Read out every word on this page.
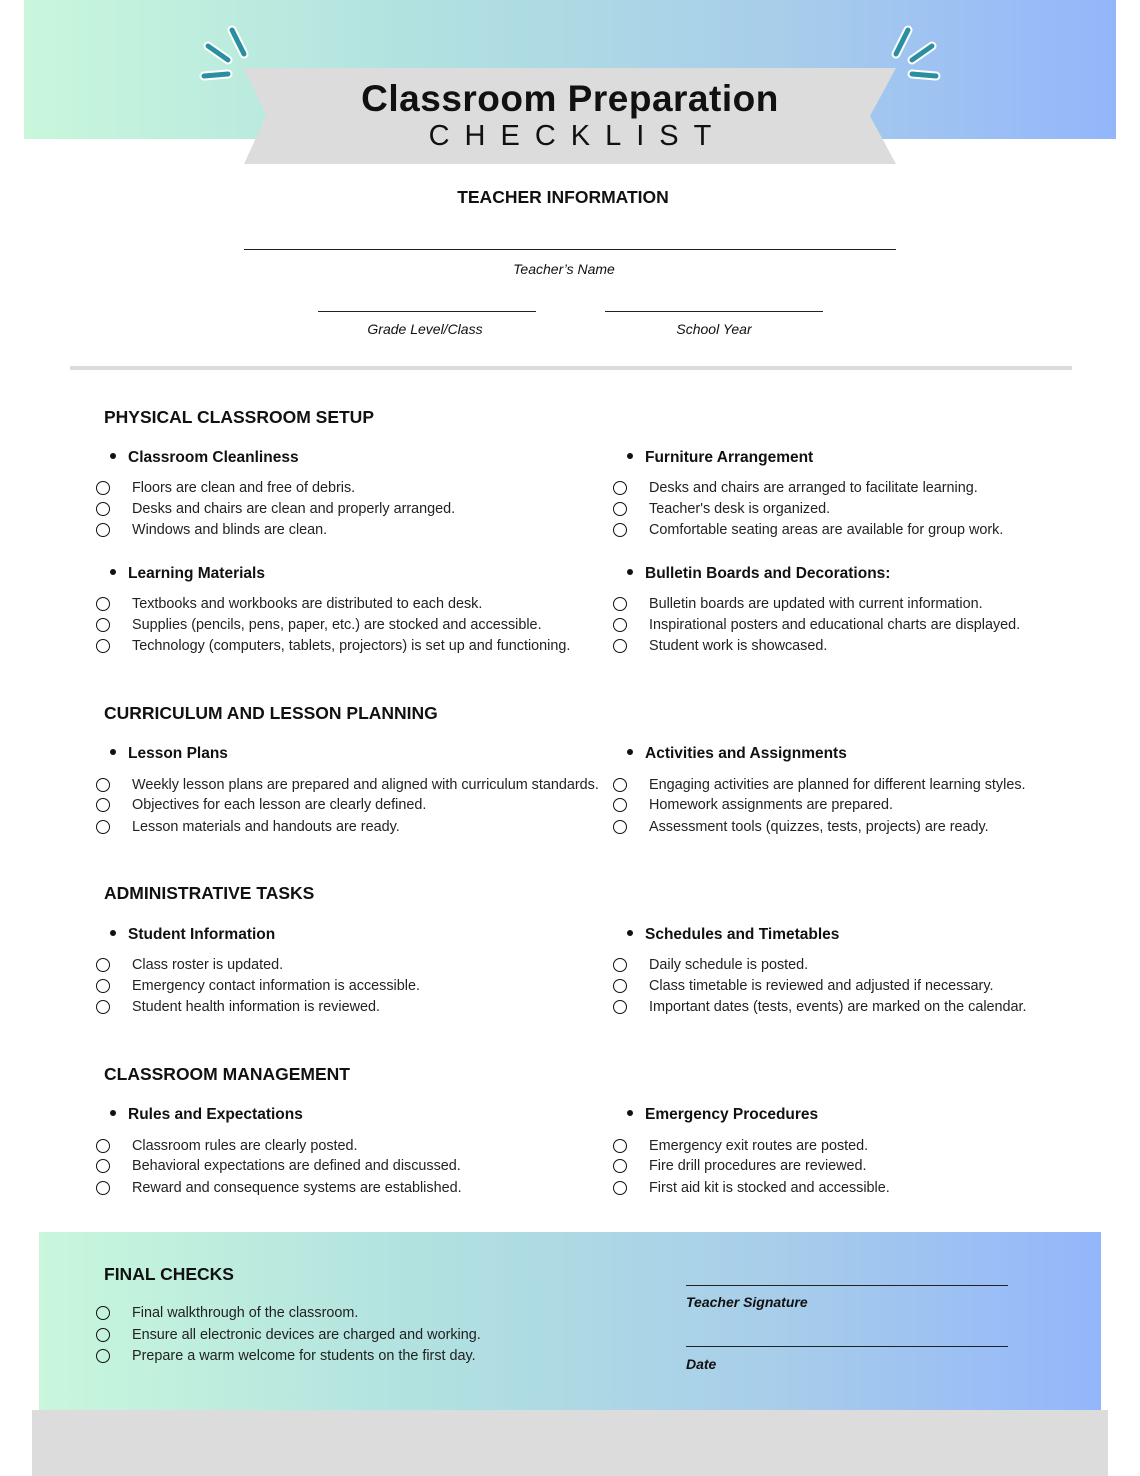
Classroom Preparation
CHECKLIST
TEACHER INFORMATION
Teacher’s Name
Grade Level/Class	School Year
PHYSICAL CLASSROOM SETUP
Classroom Cleanliness
Floors are clean and free of debris.
Desks and chairs are clean and properly arranged.
Windows and blinds are clean.
Furniture Arrangement
Desks and chairs are arranged to facilitate learning.
Teacher's desk is organized.
Comfortable seating areas are available for group work.
Learning Materials
Textbooks and workbooks are distributed to each desk.
Supplies (pencils, pens, paper, etc.) are stocked and accessible.
Technology (computers, tablets, projectors) is set up and functioning.
Bulletin Boards and Decorations:
Bulletin boards are updated with current information.
Inspirational posters and educational charts are displayed.
Student work is showcased.
CURRICULUM AND LESSON PLANNING
Lesson Plans
Weekly lesson plans are prepared and aligned with curriculum standards.
Objectives for each lesson are clearly defined.
Lesson materials and handouts are ready.
Activities and Assignments
Engaging activities are planned for different learning styles.
Homework assignments are prepared.
Assessment tools (quizzes, tests, projects) are ready.
ADMINISTRATIVE TASKS
Student Information
Class roster is updated.
Emergency contact information is accessible.
Student health information is reviewed.
Schedules and Timetables
Daily schedule is posted.
Class timetable is reviewed and adjusted if necessary.
Important dates (tests, events) are marked on the calendar.
CLASSROOM MANAGEMENT
Rules and Expectations
Classroom rules are clearly posted.
Behavioral expectations are defined and discussed.
Reward and consequence systems are established.
Emergency Procedures
Emergency exit routes are posted.
Fire drill procedures are reviewed.
First aid kit is stocked and accessible.
FINAL CHECKS
Final walkthrough of the classroom.
Ensure all electronic devices are charged and working.
Prepare a warm welcome for students on the first day.
Teacher Signature
Date
